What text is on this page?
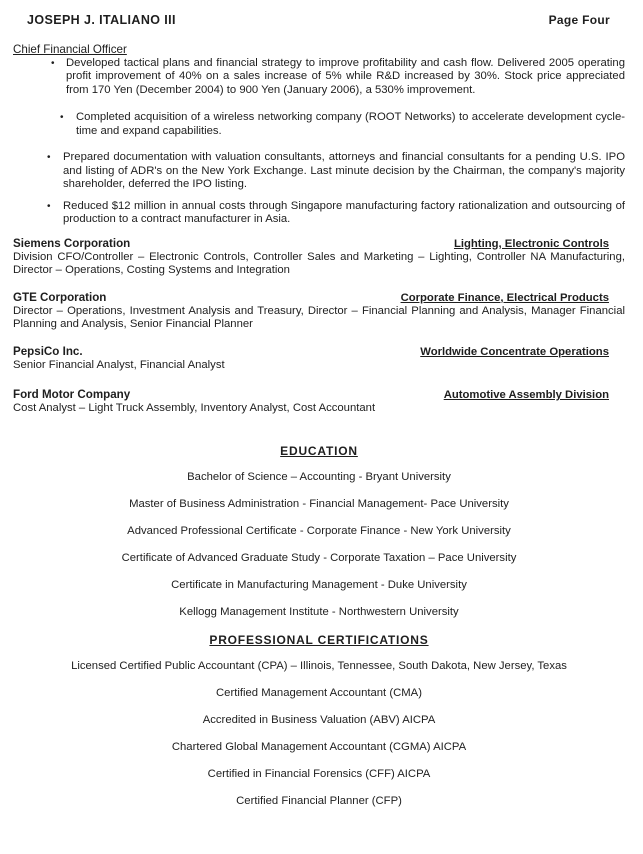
JOSEPH J. ITALIANO III	Page Four
Chief Financial Officer
•	Developed tactical plans and financial strategy to improve profitability and cash flow. Delivered 2005 operating profit improvement of 40% on a sales increase of 5% while R&D increased by 30%. Stock price appreciated from 170 Yen (December 2004) to 900 Yen (January 2006), a 530% improvement.
•	Completed acquisition of a wireless networking company (ROOT Networks) to accelerate development cycle-time and expand capabilities.
•	Prepared documentation with valuation consultants, attorneys and financial consultants for a pending U.S. IPO and listing of ADR's on the New York Exchange. Last minute decision by the Chairman, the company's majority shareholder, deferred the IPO listing.
•	Reduced $12 million in annual costs through Singapore manufacturing factory rationalization and outsourcing of production to a contract manufacturer in Asia.
Siemens Corporation	Lighting, Electronic Controls
Division CFO/Controller – Electronic Controls, Controller Sales and Marketing – Lighting, Controller NA Manufacturing, Director – Operations, Costing Systems and Integration
GTE Corporation	Corporate Finance, Electrical Products
Director – Operations, Investment Analysis and Treasury, Director – Financial Planning and Analysis, Manager Financial Planning and Analysis, Senior Financial Planner
PepsiCo Inc.	Worldwide Concentrate Operations
Senior Financial Analyst, Financial Analyst
Ford Motor Company	Automotive Assembly Division
Cost Analyst – Light Truck Assembly, Inventory Analyst, Cost Accountant
EDUCATION
Bachelor of Science – Accounting - Bryant University
Master of Business Administration - Financial Management- Pace University
Advanced Professional Certificate - Corporate Finance - New York University
Certificate of Advanced Graduate Study - Corporate Taxation – Pace University
Certificate in Manufacturing Management - Duke University
Kellogg Management Institute - Northwestern University
PROFESSIONAL CERTIFICATIONS
Licensed Certified Public Accountant (CPA) – Illinois, Tennessee, South Dakota, New Jersey, Texas
Certified Management Accountant (CMA)
Accredited in Business Valuation (ABV) AICPA
Chartered Global Management Accountant (CGMA) AICPA
Certified in Financial Forensics (CFF) AICPA
Certified Financial Planner (CFP)
